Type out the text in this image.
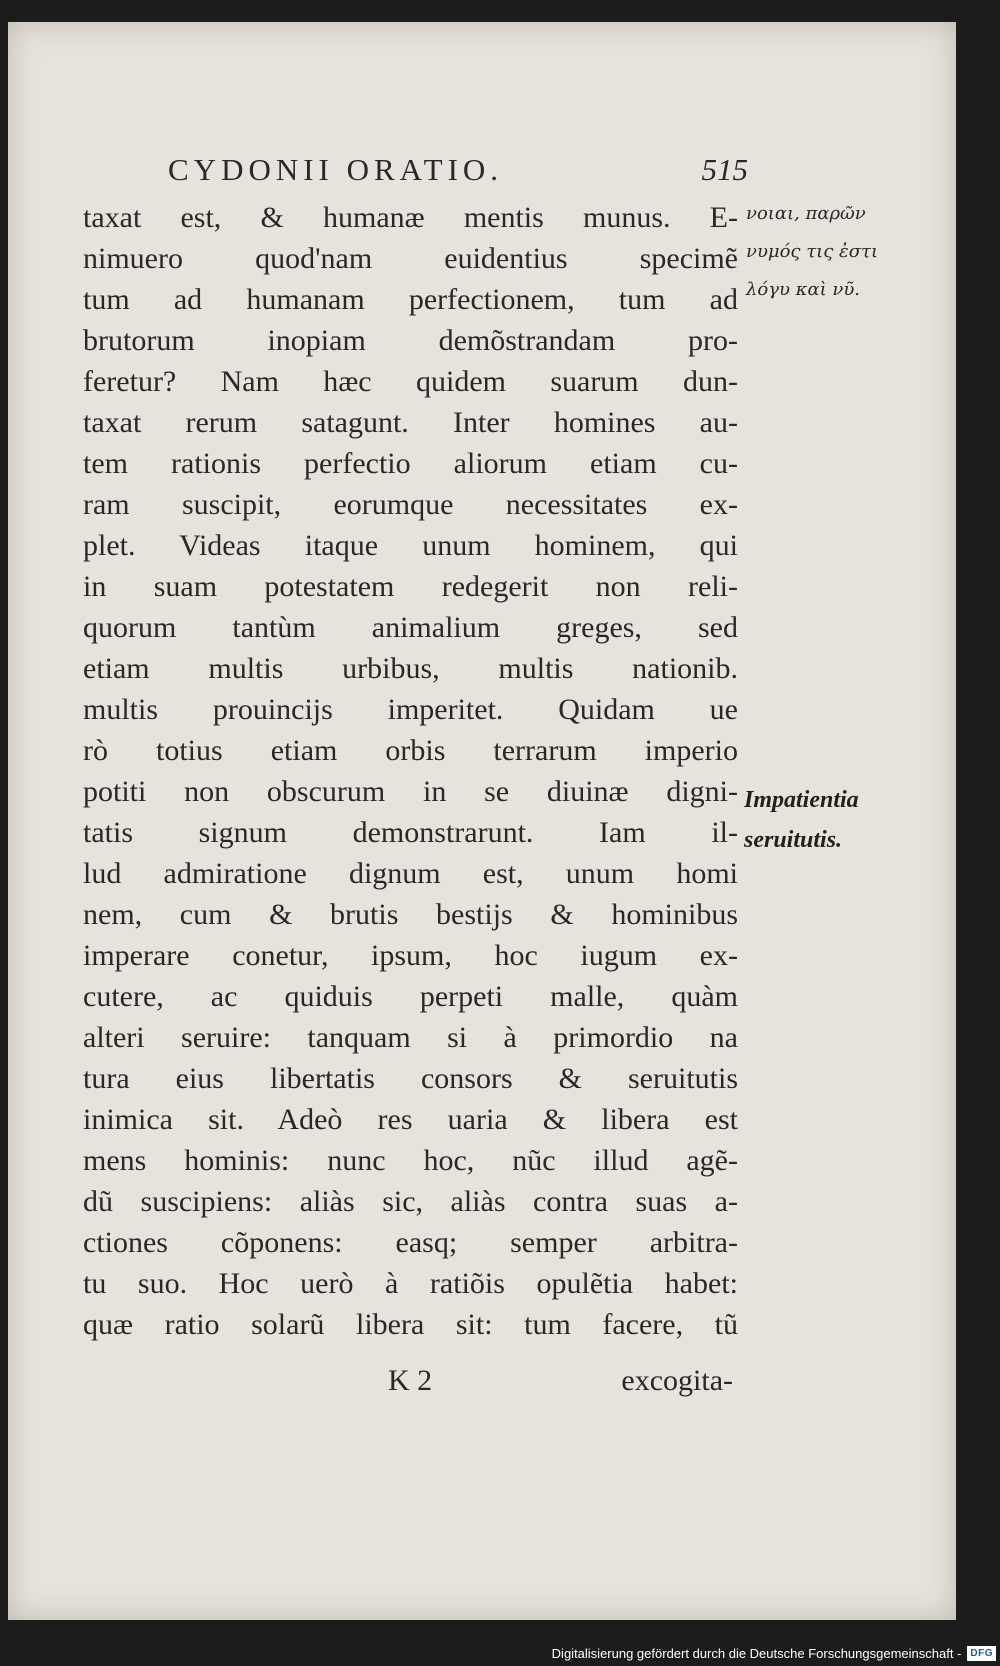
CYDONII ORATIO.	515
taxat est, & humanæ mentis munus. E-
nimuero quod'nam euidentius specimẽ
tum ad humanam perfectionem, tum ad
brutorum inopiam demõstrandam pro-
feretur? Nam hæc quidem suarum dun-
taxat rerum satagunt. Inter homines au-
tem rationis perfectio aliorum etiam cu-
ram suscipit, eorumque necessitates ex-
plet. Videas itaque unum hominem, qui
in suam potestatem redegerit non reli-
quorum tantùm animalium greges, sed
etiam multis urbibus, multis nationib.
multis prouincijs imperitet. Quidam ue
rò totius etiam orbis terrarum imperio
potiti non obscurum in se diuinæ digni-
tatis signum demonstrarunt. Iam il-
lud admiratione dignum est, unum homi
nem, cum & brutis bestijs & hominibus
imperare conetur, ipsum, hoc iugum ex-
cutere, ac quiduis perpeti malle, quàm
alteri seruire: tanquam si à primordio na
tura eius libertatis consors & seruitutis
inimica sit. Adeò res uaria & libera est
mens hominis: nunc hoc, nũc illud agẽ-
dũ suscipiens: aliàs sic, aliàs contra suas a-
ctiones cõponens: easq; semper arbitra-
tu suo. Hoc uerò à ratiõis opulẽtia habet:
quæ ratio solarũ libera sit: tum facere, tũ
K 2	excogita-
νοιαι, παρῶν
νυμός τις ἐστι
λόγυ καὶ νῦ.
Impatientia
seruitutis.
Digitalisierung gefördert durch die Deutsche Forschungsgemeinschaft - DFG
